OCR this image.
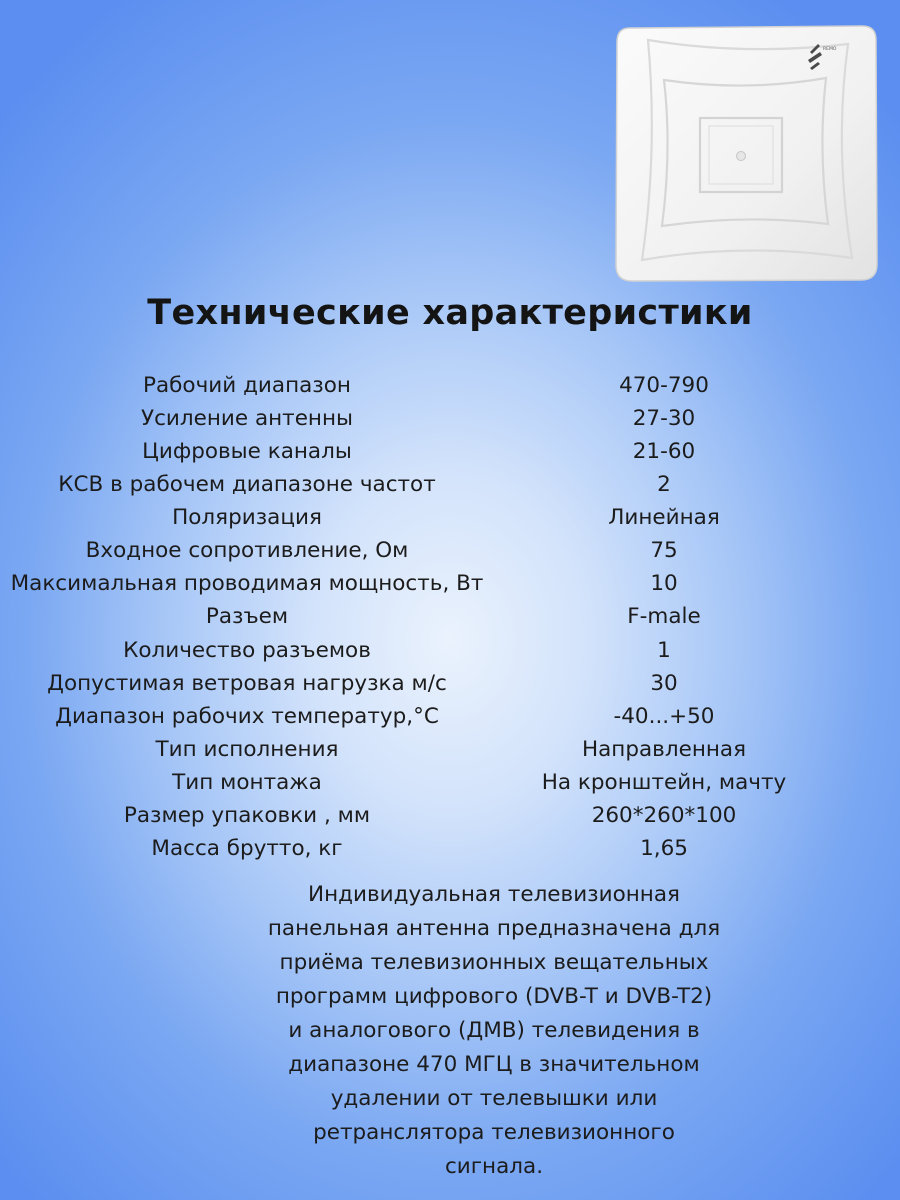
REMO
Технические характеристики
Рабочий диапазон	470-790
Усиление антенны	27-30
Цифровые каналы	21-60
КСВ в рабочем диапазоне частот	2
Поляризация	Линейная
Входное сопротивление, Ом	75
Максимальная проводимая мощность, Вт	10
Разъем	F-male
Количество разъемов	1
Допустимая ветровая нагрузка м/с	30
Диапазон рабочих температур,°С	-40...+50
Тип исполнения	Направленная
Тип монтажа	На кронштейн, мачту
Размер упаковки , мм	260*260*100
Масса брутто, кг	1,65
Индивидуальная телевизионная
панельная антенна предназначена для
приёма телевизионных вещательных
программ цифрового (DVB-T и DVB-T2)
и аналогового (ДМВ) телевидения в
диапазоне 470 МГЦ в значительном
удалении от телевышки или
ретранслятора телевизионного
сигнала.
